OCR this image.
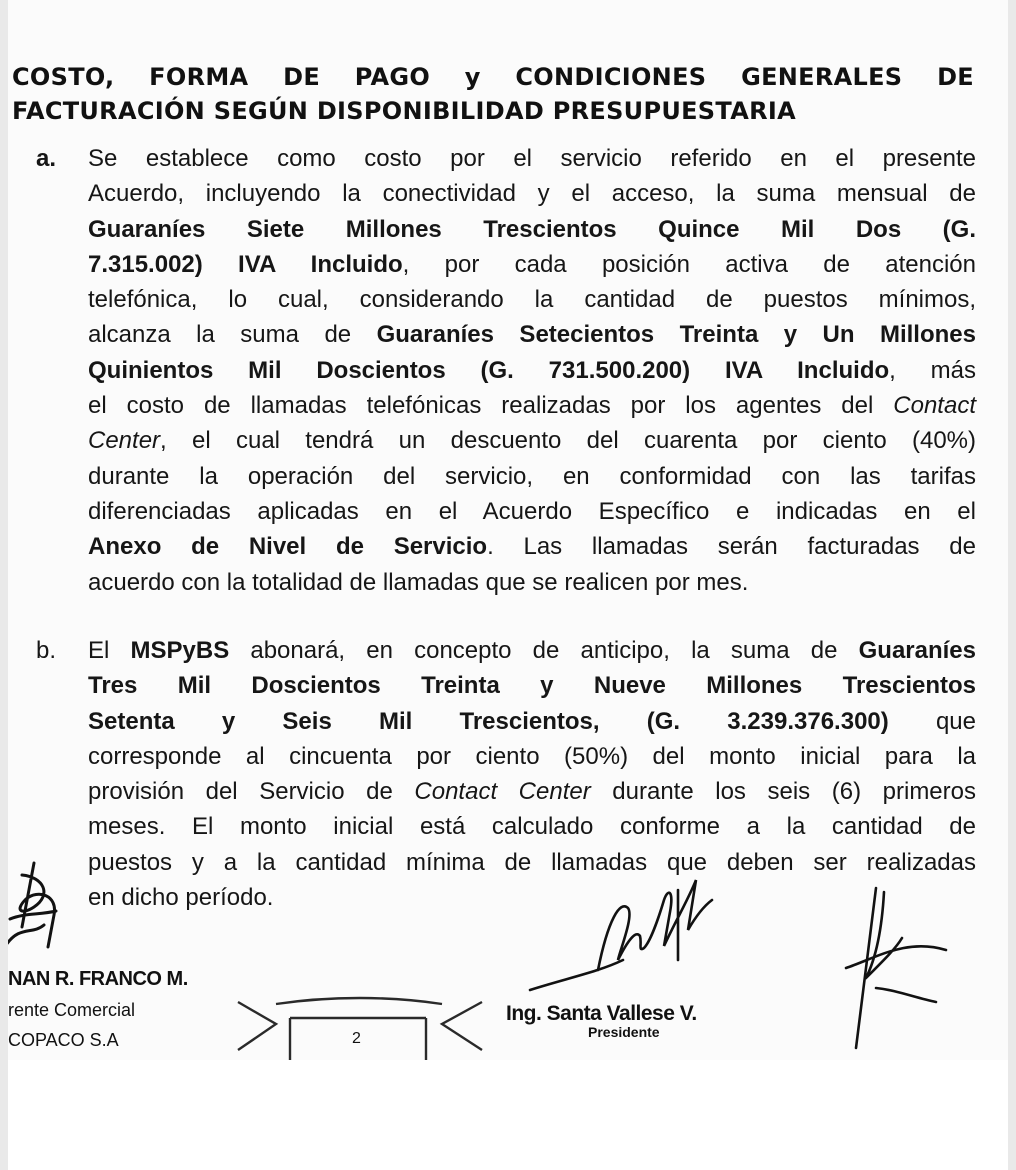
COSTO, FORMA DE PAGO y CONDICIONES GENERALES DE
FACTURACIÓN SEGÚN DISPONIBILIDAD PRESUPUESTARIA
a. Se establece como costo por el servicio referido en el presente
Acuerdo, incluyendo la conectividad y el acceso, la suma mensual de
Guaraníes Siete Millones Trescientos Quince Mil Dos (G.
7.315.002) IVA Incluido, por cada posición activa de atención
telefónica, lo cual, considerando la cantidad de puestos mínimos,
alcanza la suma de Guaraníes Setecientos Treinta y Un Millones
Quinientos Mil Doscientos (G. 731.500.200) IVA Incluido, más
el costo de llamadas telefónicas realizadas por los agentes del Contact
Center, el cual tendrá un descuento del cuarenta por ciento (40%)
durante la operación del servicio, en conformidad con las tarifas
diferenciadas aplicadas en el Acuerdo Específico e indicadas en el
Anexo de Nivel de Servicio. Las llamadas serán facturadas de
acuerdo con la totalidad de llamadas que se realicen por mes.
b. El MSPyBS abonará, en concepto de anticipo, la suma de Guaraníes
Tres Mil Doscientos Treinta y Nueve Millones Trescientos
Setenta y Seis Mil Trescientos, (G. 3.239.376.300) que
corresponde al cincuenta por ciento (50%) del monto inicial para la
provisión del Servicio de Contact Center durante los seis (6) primeros
meses. El monto inicial está calculado conforme a la cantidad de
puestos y a la cantidad mínima de llamadas que deben ser realizadas
en dicho período.
NAN R. FRANCO M.
rente Comercial
COPACO S.A	2
Ing. Santa Vallese V.
Presidente
